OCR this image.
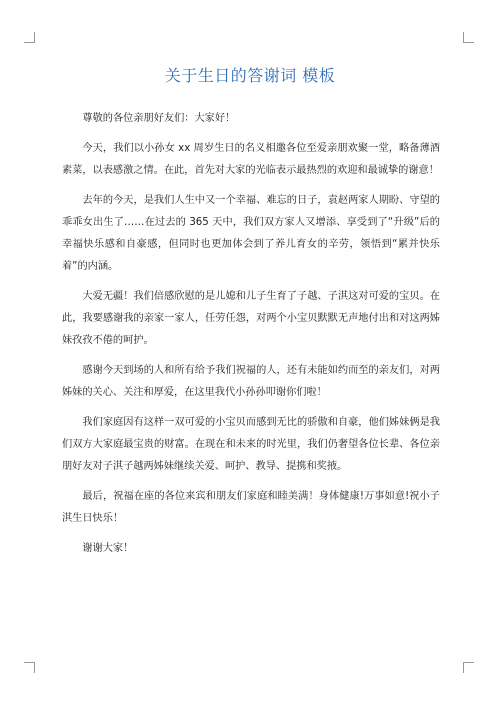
关于生日的答谢词 模板

尊敬的各位亲朋好友们：大家好！

今天，我们以小孙女 xx 周岁生日的名义相邀各位至爱亲朋欢聚一堂，略备薄酒素菜，以表感激之情。在此，首先对大家的光临表示最热烈的欢迎和最诚挚的谢意！

去年的今天，是我们人生中又一个幸福、难忘的日子，袁赵两家人期盼、守望的乖乖女出生了……在过去的 365 天中，我们双方家人又增添、享受到了“升级”后的幸福快乐感和自豪感，但同时也更加体会到了养儿育女的辛劳，领悟到“累并快乐着”的内涵。

大爱无疆！我们倍感欣慰的是儿媳和儿子生育了子越、子淇这对可爱的宝贝。在此，我要感谢我的亲家一家人，任劳任怨，对两个小宝贝默默无声地付出和对这两姊妹孜孜不倦的呵护。

感谢今天到场的人和所有给予我们祝福的人，还有未能如约而至的亲友们，对两姊妹的关心、关注和厚爱，在这里我代小孙孙叩谢你们啦！

我们家庭因有这样一双可爱的小宝贝而感到无比的骄傲和自豪，他们姊妹俩是我们双方大家庭最宝贵的财富。在现在和未来的时光里，我们仍奢望各位长辈、各位亲朋好友对子淇子越两姊妹继续关爱、呵护、教导、提携和奖掖。

最后，祝福在座的各位来宾和朋友们家庭和睦美满！身体健康!万事如意!祝小子淇生日快乐！

谢谢大家！
